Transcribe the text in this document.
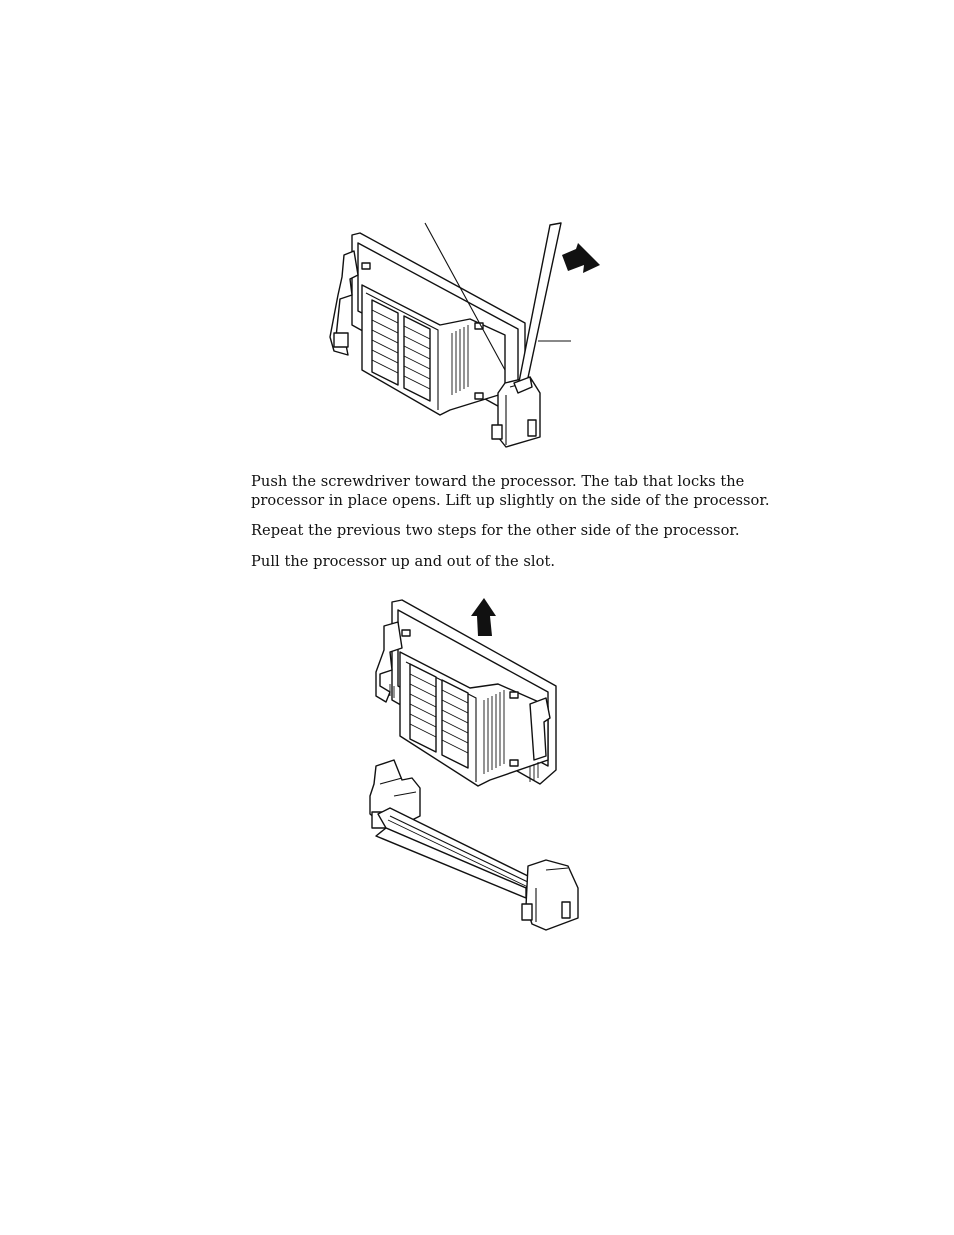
Push the screwdriver toward the processor. The tab that locks the processor in place opens. Lift up slightly on the side of the processor.

Repeat the previous two steps for the other side of the processor.

Pull the processor up and out of the slot.
